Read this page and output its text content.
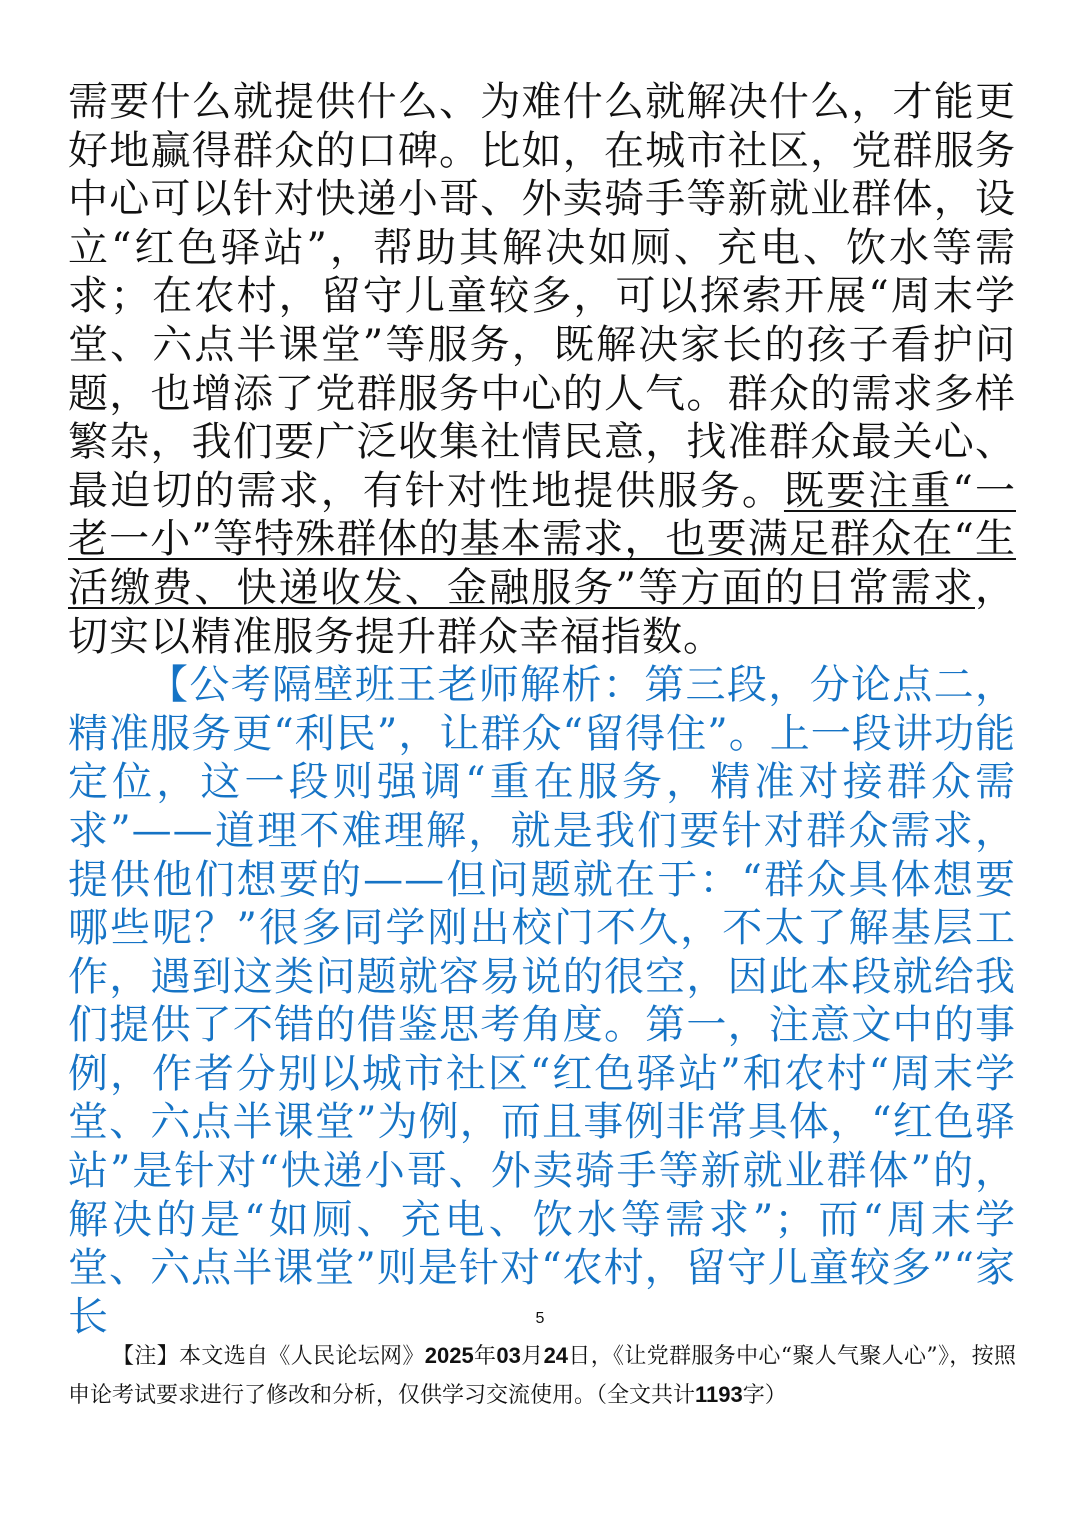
需要什么就提供什么、为难什么就解决什么，才能更好地赢得群众的口碑。比如，在城市社区，党群服务中心可以针对快递小哥、外卖骑手等新就业群体，设立“红色驿站”，帮助其解决如厕、充电、饮水等需求；在农村，留守儿童较多，可以探索开展“周末学堂、六点半课堂”等服务，既解决家长的孩子看护问题，也增添了党群服务中心的人气。群众的需求多样繁杂，我们要广泛收集社情民意，找准群众最关心、最迫切的需求，有针对性地提供服务。既要注重“一老一小”等特殊群体的基本需求，也要满足群众在“生活缴费、快递收发、金融服务”等方面的日常需求，切实以精准服务提升群众幸福指数。

【公考隔壁班王老师解析：第三段，分论点二，精准服务更“利民”，让群众“留得住”。上一段讲功能定位，这一段则强调“重在服务，精准对接群众需求”——道理不难理解，就是我们要针对群众需求，提供他们想要的——但问题就在于：“群众具体想要哪些呢？”很多同学刚出校门不久，不太了解基层工作，遇到这类问题就容易说的很空，因此本段就给我们提供了不错的借鉴思考角度。第一，注意文中的事例，作者分别以城市社区“红色驿站”和农村“周末学堂、六点半课堂”为例，而且事例非常具体，“红色驿站”是针对“快递小哥、外卖骑手等新就业群体”的，解决的是“如厕、充电、饮水等需求”；而“周末学堂、六点半课堂”则是针对“农村，留守儿童较多”“家长	5
【注】本文选自《人民论坛网》2025年03月24日，《让党群服务中心“聚人气聚人心”》，按照申论考试要求进行了修改和分析，仅供学习交流使用。（全文共计1193字）
